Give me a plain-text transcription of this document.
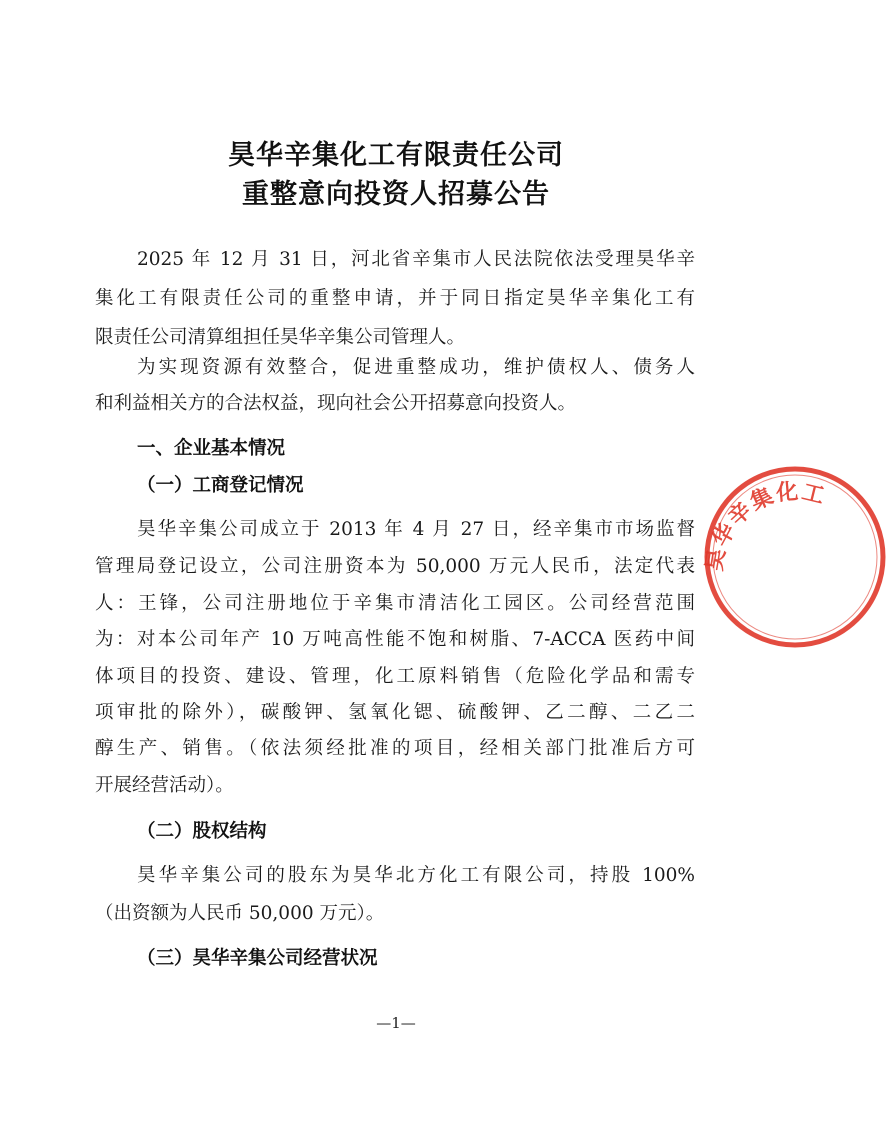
昊华辛集化工有限责任公司
重整意向投资人招募公告
2025 年 12 月 31 日，河北省辛集市人民法院依法受理昊华辛
集化工有限责任公司的重整申请，并于同日指定昊华辛集化工有
限责任公司清算组担任昊华辛集公司管理人。
为实现资源有效整合，促进重整成功，维护债权人、债务人
和利益相关方的合法权益，现向社会公开招募意向投资人。
一、企业基本情况
（一）工商登记情况
昊华辛集公司成立于 2013 年 4 月 27 日，经辛集市市场监督
管理局登记设立，公司注册资本为 50,000 万元人民币，法定代表
人：王锋，公司注册地位于辛集市清洁化工园区。公司经营范围
为：对本公司年产 10 万吨高性能不饱和树脂、7-ACCA 医药中间
体项目的投资、建设、管理，化工原料销售（危险化学品和需专
项审批的除外），碳酸钾、氢氧化锶、硫酸钾、乙二醇、二乙二
醇生产、销售。（依法须经批准的项目，经相关部门批准后方可
开展经营活动）。
（二）股权结构
昊华辛集公司的股东为昊华北方化工有限公司，持股 100%
（出资额为人民币 50,000 万元）。
（三）昊华辛集公司经营状况
—1—
昊华辛集化工
